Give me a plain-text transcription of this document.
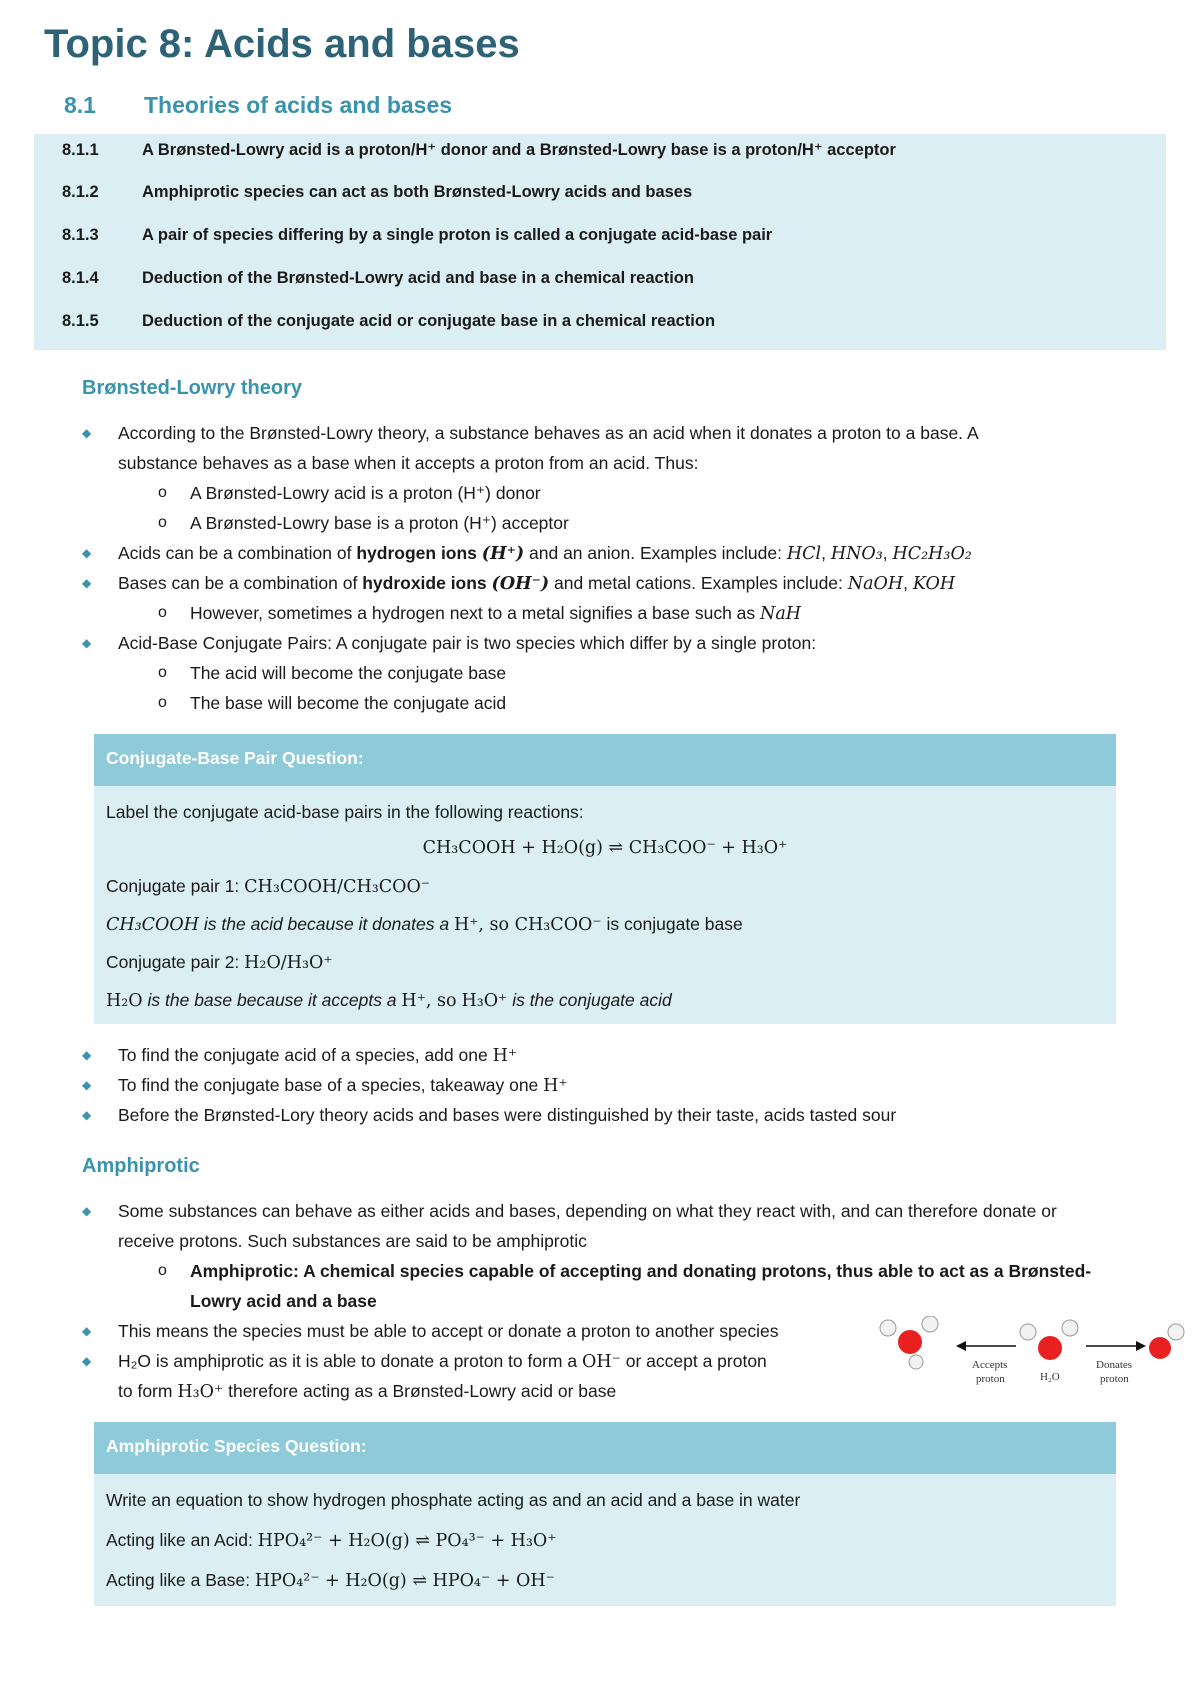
Topic 8: Acids and bases
8.1 Theories of acids and bases
8.1.1	A Brønsted-Lowry acid is a proton/H⁺ donor and a Brønsted-Lowry base is a proton/H⁺ acceptor
8.1.2	Amphiprotic species can act as both Brønsted-Lowry acids and bases
8.1.3	A pair of species differing by a single proton is called a conjugate acid-base pair
8.1.4	Deduction of the Brønsted-Lowry acid and base in a chemical reaction
8.1.5	Deduction of the conjugate acid or conjugate base in a chemical reaction
Brønsted-Lowry theory
◆ According to the Brønsted-Lowry theory, a substance behaves as an acid when it donates a proton to a base. A
substance behaves as a base when it accepts a proton from an acid. Thus:
o A Brønsted-Lowry acid is a proton (H⁺) donor
o A Brønsted-Lowry base is a proton (H⁺) acceptor
◆ Acids can be a combination of hydrogen ions (H⁺) and an anion. Examples include: HCl, HNO₃, HC₂H₃O₂
◆ Bases can be a combination of hydroxide ions (OH⁻) and metal cations. Examples include: NaOH, KOH
o However, sometimes a hydrogen next to a metal signifies a base such as NaH
◆ Acid-Base Conjugate Pairs: A conjugate pair is two species which differ by a single proton:
o The acid will become the conjugate base
o The base will become the conjugate acid
Conjugate-Base Pair Question:
Label the conjugate acid-base pairs in the following reactions:
CH₃COOH + H₂O(g) ⇌ CH₃COO⁻ + H₃O⁺
Conjugate pair 1: CH₃COOH/CH₃COO⁻
CH₃COOH is the acid because it donates a H⁺, so CH₃COO⁻ is conjugate base
Conjugate pair 2: H₂O/H₃O⁺
H₂O is the base because it accepts a H⁺, so H₃O⁺ is the conjugate acid
◆ To find the conjugate acid of a species, add one H⁺
◆ To find the conjugate base of a species, takeaway one H⁺
◆ Before the Brønsted-Lory theory acids and bases were distinguished by their taste, acids tasted sour
Amphiprotic
◆ Some substances can behave as either acids and bases, depending on what they react with, and can therefore donate or
receive protons. Such substances are said to be amphiprotic
o Amphiprotic: A chemical species capable of accepting and donating protons, thus able to act as a Brønsted-
Lowry acid and a base
◆ This means the species must be able to accept or donate a proton to another species
◆ H₂O is amphiprotic as it is able to donate a proton to form a OH⁻ or accept a proton
to form H₃O⁺ therefore acting as a Brønsted-Lowry acid or base
Accepts
proton	H₂O
Donates
proton
Amphiprotic Species Question:
Write an equation to show hydrogen phosphate acting as and an acid and a base in water
Acting like an Acid: HPO₄²⁻ + H₂O(g) ⇌ PO₄³⁻ + H₃O⁺
Acting like a Base: HPO₄²⁻ + H₂O(g) ⇌ HPO₄⁻ + OH⁻
